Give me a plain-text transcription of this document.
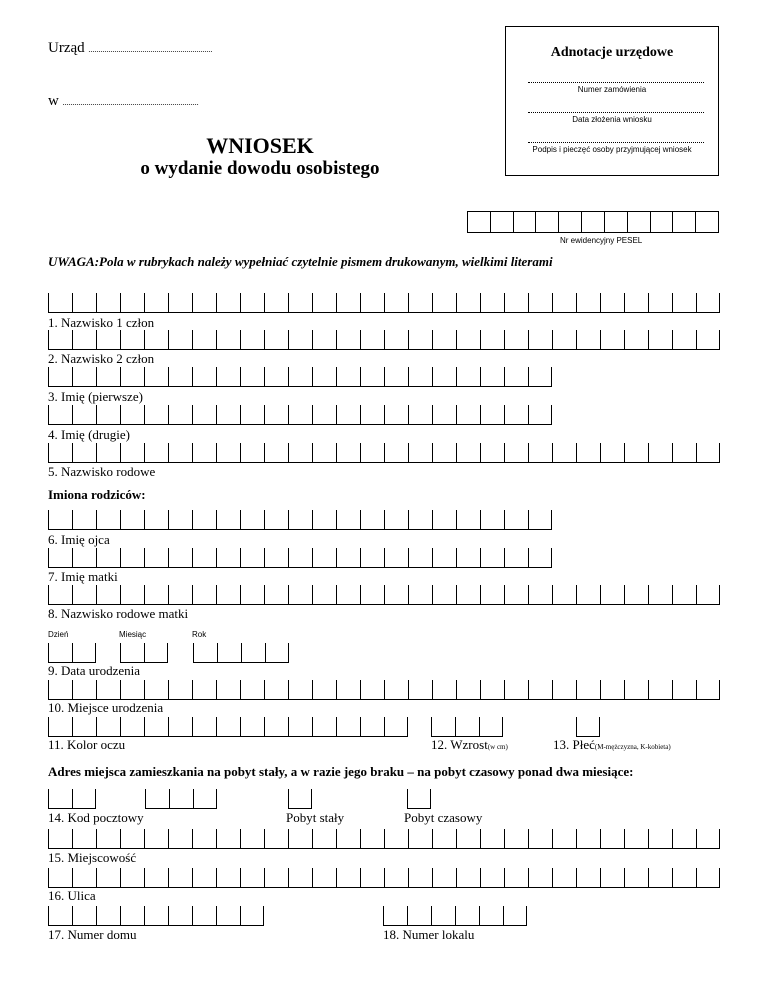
Urząd ..............................................................
w ....................................................................
WNIOSEK
o wydanie dowodu osobistego
Adnotacje urzędowe
Numer zamówienia
Data złożenia wniosku
Podpis i pieczęć osoby przyjmującej wniosek
Nr ewidencyjny PESEL
UWAGA:Pola w rubrykach należy wypełniać czytelnie pismem drukowanym, wielkimi literami
1. Nazwisko 1 człon
2. Nazwisko 2 człon
3. Imię (pierwsze)
4. Imię (drugie)
5. Nazwisko rodowe
Imiona rodziców:
6. Imię ojca
7. Imię matki
8. Nazwisko rodowe matki
Dzień	Miesiąc	Rok
9. Data urodzenia
10. Miejsce urodzenia
11. Kolor oczu	12. Wzrost(w cm)	13. Płeć(M-mężczyzna, K-kobieta)
Adres miejsca zamieszkania na pobyt stały, a w razie jego braku – na pobyt czasowy ponad dwa miesiące:
14. Kod pocztowy	Pobyt stały	Pobyt czasowy
15. Miejscowość
16. Ulica
17. Numer domu	18. Numer lokalu
